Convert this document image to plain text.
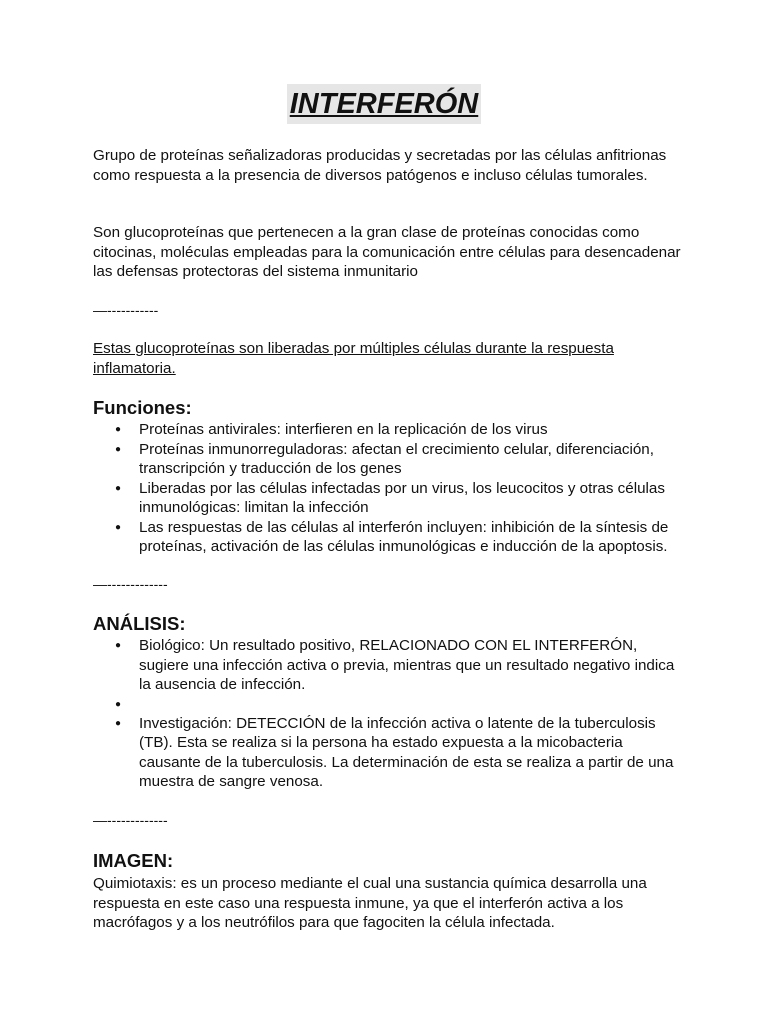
INTERFERÓN

Grupo de proteínas señalizadoras producidas y secretadas por las células anfitrionas como respuesta a la presencia de diversos patógenos e incluso células tumorales.

Son glucoproteínas que pertenecen a la gran clase de proteínas conocidas como citocinas, moléculas empleadas para la comunicación entre células para desencadenar las defensas protectoras del sistema inmunitario

—-----------

Estas glucoproteínas son liberadas por múltiples células durante la respuesta inflamatoria.

Funciones:
● Proteínas antivirales: interfieren en la replicación de los virus
● Proteínas inmunorreguladoras: afectan el crecimiento celular, diferenciación, transcripción y traducción de los genes
● Liberadas por las células infectadas por un virus, los leucocitos y otras células inmunológicas: limitan la infección
● Las respuestas de las células al interferón incluyen: inhibición de la síntesis de proteínas, activación de las células inmunológicas e inducción de la apoptosis.

—-------------

ANÁLISIS:
● Biológico: Un resultado positivo, RELACIONADO CON EL INTERFERÓN, sugiere una infección activa o previa, mientras que un resultado negativo indica la ausencia de infección.
●
● Investigación: DETECCIÓN de la infección activa o latente de la tuberculosis (TB). Esta se realiza si la persona ha estado expuesta a la micobacteria causante de la tuberculosis. La determinación de esta se realiza a partir de una muestra de sangre venosa.

—-------------

IMAGEN:

Quimiotaxis: es un proceso mediante el cual una sustancia química desarrolla una respuesta en este caso una respuesta inmune, ya que el interferón activa a los macrófagos y a los neutrófilos para que fagociten la célula infectada.
